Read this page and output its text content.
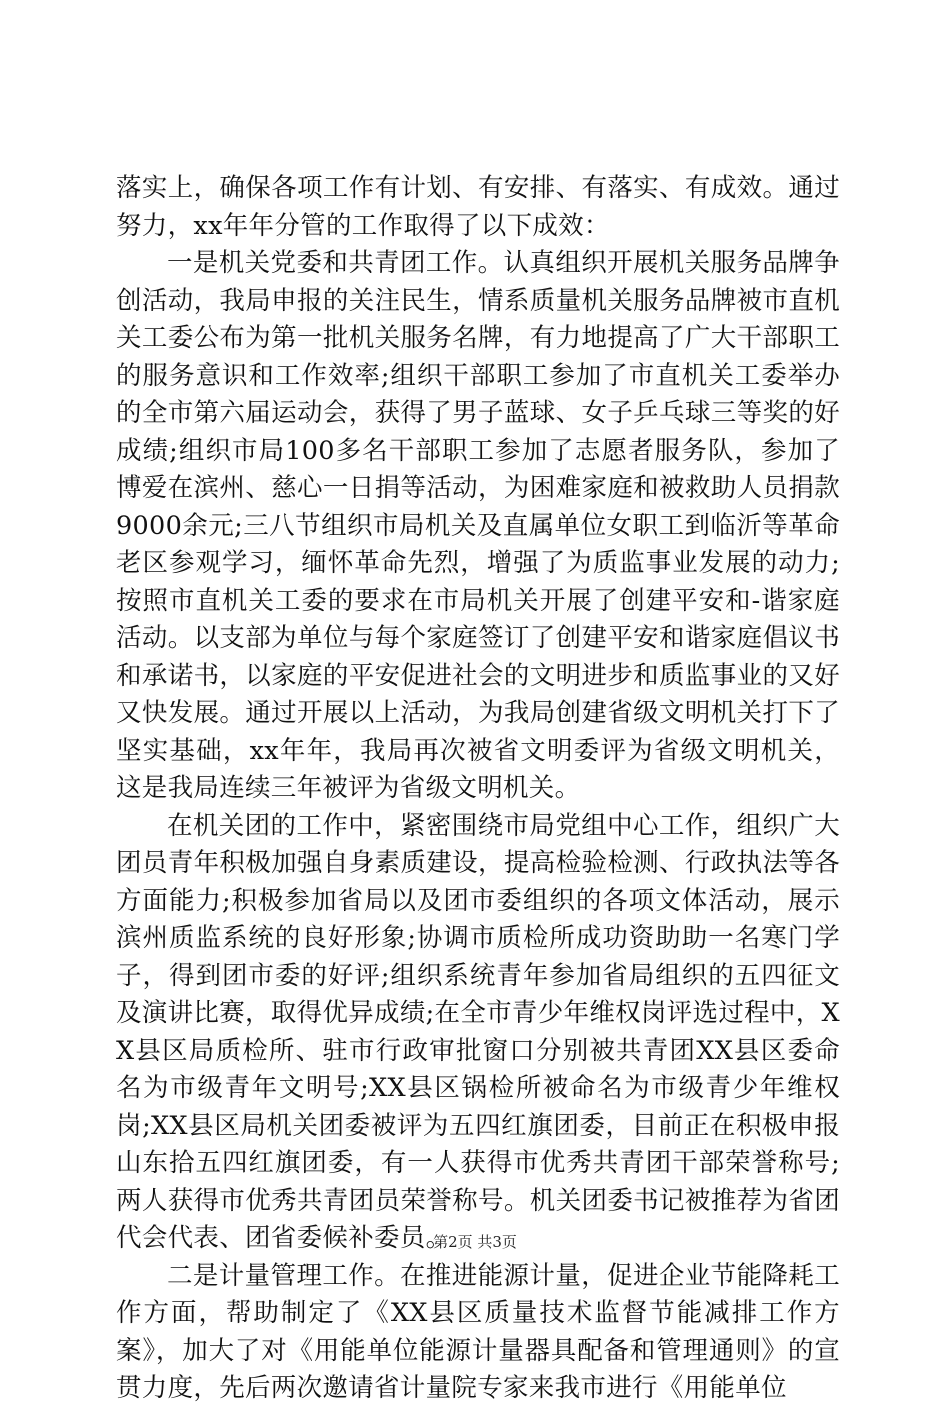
落实上，确保各项工作有计划、有安排、有落实、有成效。通过努力，xx年年分管的工作取得了以下成效：

一是机关党委和共青团工作。认真组织开展机关服务品牌争创活动，我局申报的关注民生，情系质量机关服务品牌被市直机关工委公布为第一批机关服务名牌，有力地提高了广大干部职工的服务意识和工作效率;组织干部职工参加了市直机关工委举办的全市第六届运动会，获得了男子蓝球、女子乒乓球三等奖的好成绩;组织市局100多名干部职工参加了志愿者服务队，参加了博爱在滨州、慈心一日捐等活动，为困难家庭和被救助人员捐款9000余元;三八节组织市局机关及直属单位女职工到临沂等革命老区参观学习，缅怀革命先烈，增强了为质监事业发展的动力;按照市直机关工委的要求在市局机关开展了创建平安和-谐家庭活动。以支部为单位与每个家庭签订了创建平安和谐家庭倡议书和承诺书，以家庭的平安促进社会的文明进步和质监事业的又好又快发展。通过开展以上活动，为我局创建省级文明机关打下了坚实基础，xx年年，我局再次被省文明委评为省级文明机关，这是我局连续三年被评为省级文明机关。

在机关团的工作中，紧密围绕市局党组中心工作，组织广大团员青年积极加强自身素质建设，提高检验检测、行政执法等各方面能力;积极参加省局以及团市委组织的各项文体活动，展示滨州质监系统的良好形象;协调市质检所成功资助助一名寒门学子，得到团市委的好评;组织系统青年参加省局组织的五四征文及演讲比赛，取得优异成绩;在全市青少年维权岗评选过程中，XX县区局质检所、驻市行政审批窗口分别被共青团XX县区委命名为市级青年文明号;XX县区锅检所被命名为市级青少年维权岗;XX县区局机关团委被评为五四红旗团委，目前正在积极申报山东拾五四红旗团委，有一人获得市优秀共青团干部荣誉称号;两人获得市优秀共青团员荣誉称号。机关团委书记被推荐为省团代会代表、团省委候补委员。

二是计量管理工作。在推进能源计量，促进企业节能降耗工作方面，帮助制定了《XX县区质量技术监督节能减排工作方案》，加大了对《用能单位能源计量器具配备和管理通则》的宣贯力度，先后两次邀请省计量院专家来我市进行《用能单位

第2页 共3页
